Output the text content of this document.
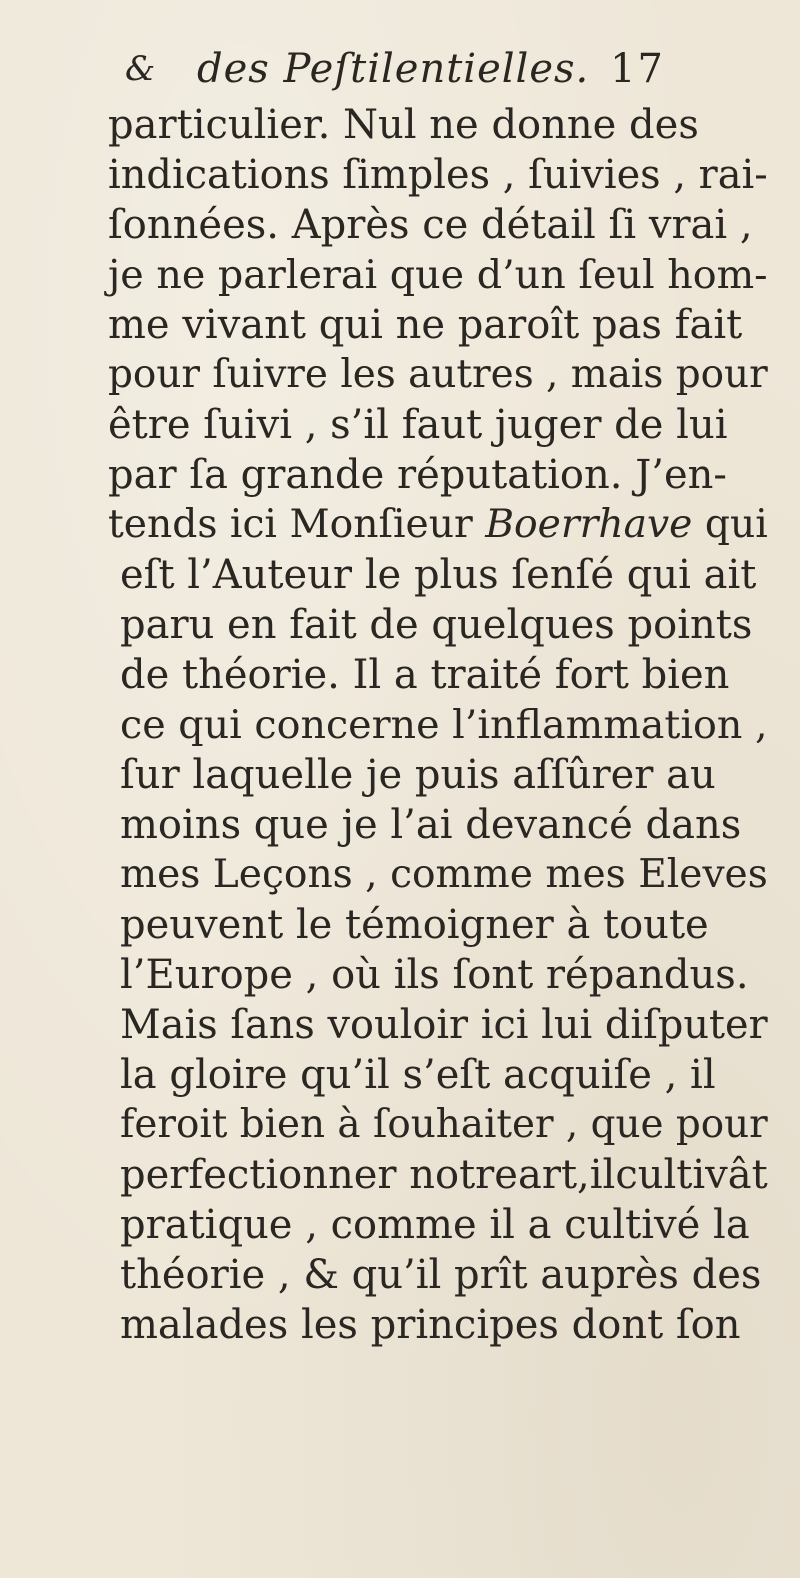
& des Peſtilentielles. 17
particulier. Nul ne donne des
indications ſimples , ſuivies , rai-
ſonnées. Après ce détail ſi vrai ,
je ne parlerai que d’un ſeul hom-
me vivant qui ne paroît pas fait
pour ſuivre les autres , mais pour
être ſuivi , s’il faut juger de lui
par ſa grande réputation. J’en-
tends ici Monſieur Boerrhave qui
eſt l’Auteur le plus ſenſé qui ait
paru en fait de quelques points
de théorie. Il a traité fort bien
ce qui concerne l’inflammation ,
ſur laquelle je puis aſſûrer au
moins que je l’ai devancé dans
mes Leçons , comme mes Eleves
peuvent le témoigner à toute
l’Europe , où ils ſont répandus.
Mais ſans vouloir ici lui diſputer
la gloire qu’il s’eſt acquiſe , il
feroit bien à ſouhaiter , que pour
perfectionner notreart,ilcultivât
pratique , comme il a cultivé la
théorie , & qu’il prît auprès des
malades les principes dont ſon
